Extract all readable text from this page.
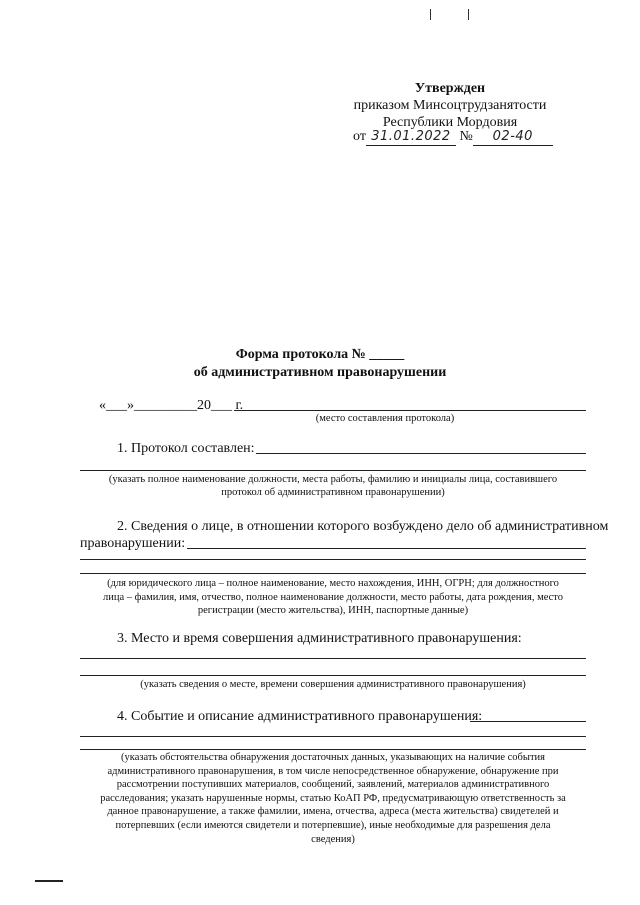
Утвержден
приказом Минсоцтрудзанятости
Республики Мордовия
от 31.01.2022 № 02-40
Форма протокола № _____
об административном правонарушении
«___»_________20___ г.
(место составления протокола)
1. Протокол составлен:
(указать полное наименование должности, места работы, фамилию и инициалы лица, составившего
протокол об административном правонарушении)
2. Сведения о лице, в отношении которого возбуждено дело об административном
правонарушении:
(для юридического лица – полное наименование, место нахождения, ИНН, ОГРН; для должностного
лица – фамилия, имя, отчество, полное наименование должности, место работы, дата рождения, место
регистрации (место жительства), ИНН, паспортные данные)
3. Место и время совершения административного правонарушения:
(указать сведения о месте, времени совершения административного правонарушения)
4. Событие и описание административного правонарушения:
(указать обстоятельства обнаружения достаточных данных, указывающих на наличие события
административного правонарушения, в том числе непосредственное обнаружение, обнаружение при
рассмотрении поступивших материалов, сообщений, заявлений, материалов административного
расследования; указать нарушенные нормы, статью КоАП РФ, предусматривающую ответственность за
данное правонарушение, а также фамилии, имена, отчества, адреса (места жительства) свидетелей и
потерпевших (если имеются свидетели и потерпевшие), иные необходимые для разрешения дела
сведения)
